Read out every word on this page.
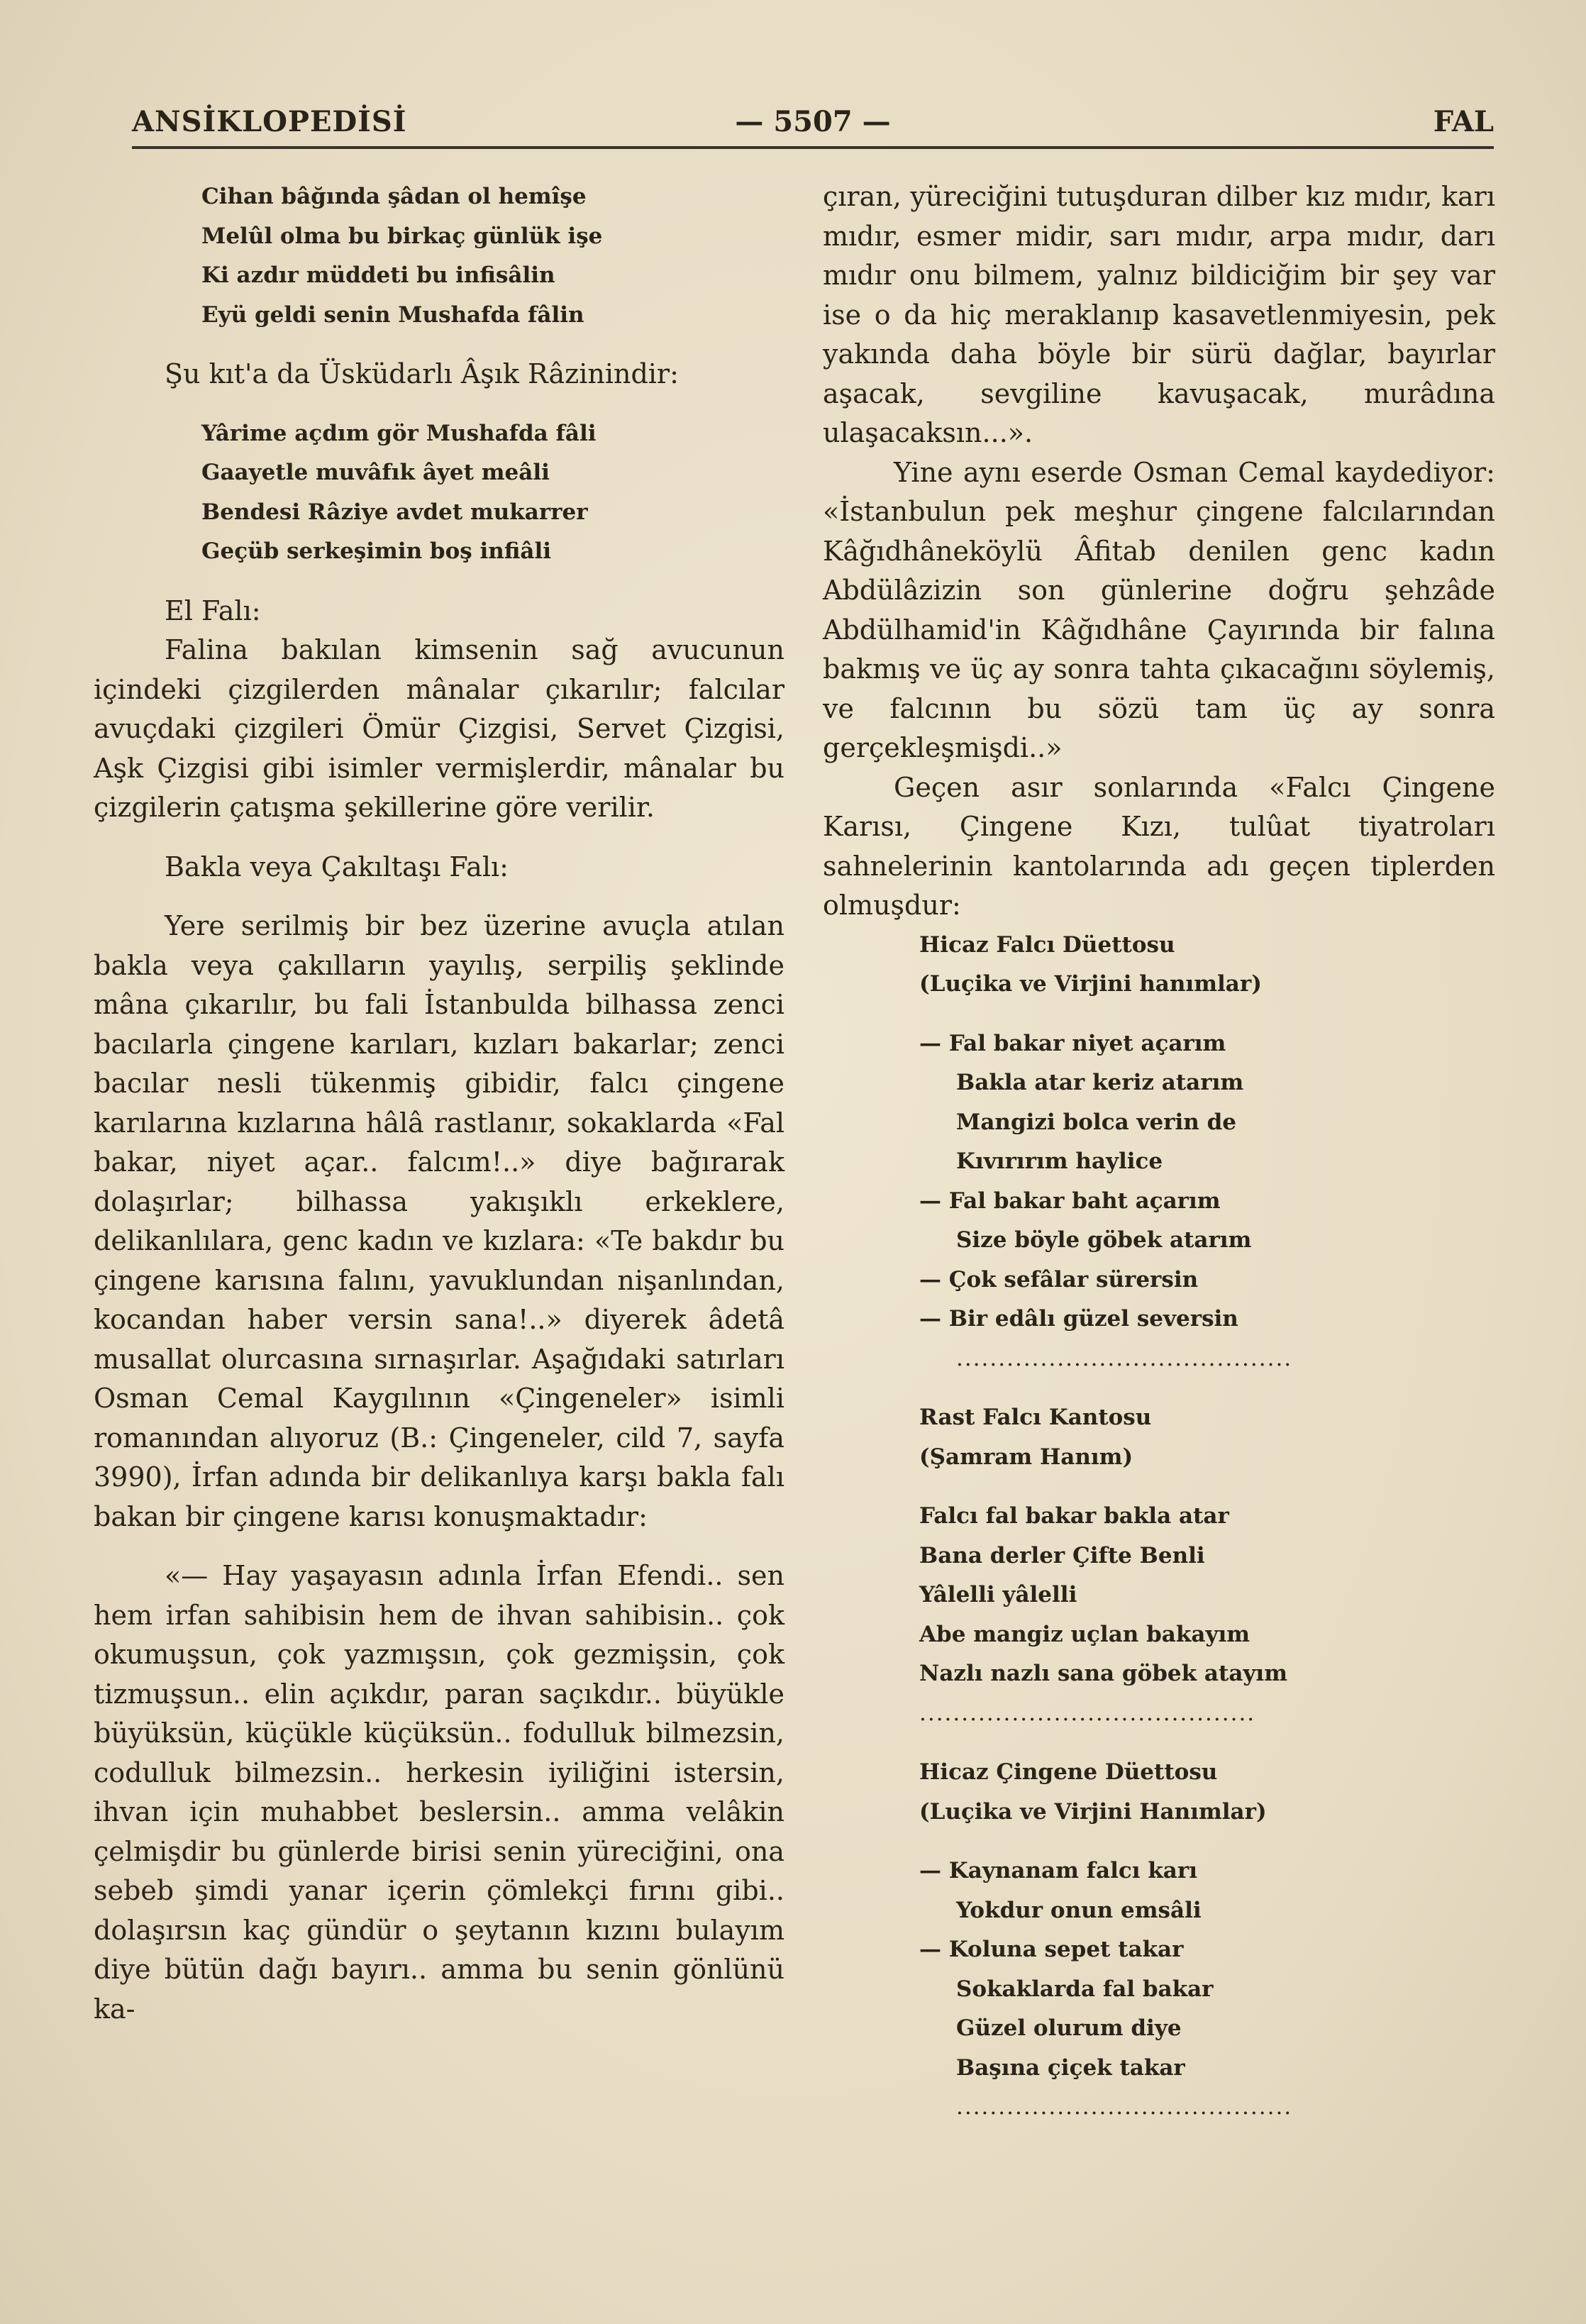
ANSİKLOPEDİSİ	— 5507 —	FAL
Cihan bâğında şâdan ol hemîşe
Melûl olma bu birkaç günlük işe
Ki azdır müddeti bu infisâlin
Eyü geldi senin Mushafda fâlin

Şu kıt'a da Üsküdarlı Âşık Râzinindir:

Yârime açdım gör Mushafda fâli
Gaayetle muvâfık âyet meâli
Bendesi Râziye avdet mukarrer
Geçüb serkeşimin boş infiâli

El Falı:

Falina bakılan kimsenin sağ avucunun içindeki çizgilerden mânalar çıkarılır; falcılar avuçdaki çizgileri Ömür Çizgisi, Servet Çizgisi, Aşk Çizgisi gibi isimler vermişlerdir, mânalar bu çizgilerin çatışma şekillerine göre verilir.

Bakla veya Çakıltaşı Falı:

Yere serilmiş bir bez üzerine avuçla atılan bakla veya çakılların yayılış, serpiliş şeklinde mâna çıkarılır, bu fali İstanbulda bilhassa zenci bacılarla çingene karıları, kızları bakarlar; zenci bacılar nesli tükenmiş gibidir, falcı çingene karılarına kızlarına hâlâ rastlanır, sokaklarda «Fal bakar, niyet açar.. falcım!..» diye bağırarak dolaşırlar; bilhassa yakışıklı erkeklere, delikanlılara, genc kadın ve kızlara: «Te bakdır bu çingene karısına falını, yavuklundan nişanlından, kocandan haber versin sana!..» diyerek âdetâ musallat olurcasına sırnaşırlar. Aşağıdaki satırları Osman Cemal Kaygılının «Çingeneler» isimli romanından alıyoruz (B.: Çingeneler, cild 7, sayfa 3990), İrfan adında bir delikanlıya karşı bakla falı bakan bir çingene karısı konuşmaktadır:

«— Hay yaşayasın adınla İrfan Efendi.. sen hem irfan sahibisin hem de ihvan sahibisin.. çok okumuşsun, çok yazmışsın, çok gezmişsin, çok tizmuşsun.. elin açıkdır, paran saçıkdır.. büyükle büyüksün, küçükle küçüksün.. fodulluk bilmezsin, codulluk bilmezsin.. herkesin iyiliğini istersin, ihvan için muhabbet beslersin.. amma velâkin çelmişdir bu günlerde birisi senin yüreciğini, ona sebeb şimdi yanar içerin çömlekçi fırını gibi.. dolaşırsın kaç gündür o şeytanın kızını bulayım diye bütün dağı bayırı.. amma bu senin gönlünü ka-

çıran, yüreciğini tutuşduran dilber kız mıdır, karı mıdır, esmer midir, sarı mıdır, arpa mıdır, darı mıdır onu bilmem, yalnız bildiciğim bir şey var ise o da hiç meraklanıp kasavetlenmiyesin, pek yakında daha böyle bir sürü dağlar, bayırlar aşacak, sevgiline kavuşacak, murâdına ulaşacaksın...».

Yine aynı eserde Osman Cemal kaydediyor: «İstanbulun pek meşhur çingene falcılarından Kâğıdhâneköylü Âfitab denilen genc kadın Abdülâzizin son günlerine doğru şehzâde Abdülhamid'in Kâğıdhâne Çayırında bir falına bakmış ve üç ay sonra tahta çıkacağını söylemiş, ve falcının bu sözü tam üç ay sonra gerçekleşmişdi..»

Geçen asır sonlarında «Falcı Çingene Karısı, Çingene Kızı, tulûat tiyatroları sahnelerinin kantolarında adı geçen tiplerden olmuşdur:

Hicaz Falcı Düettosu
(Luçika ve Virjini hanımlar)
— Fal bakar niyet açarım
Bakla atar keriz atarım
Mangizi bolca verin de
Kıvırırım haylice
— Fal bakar baht açarım
Size böyle göbek atarım
— Çok sefâlar sürersin
— Bir edâlı güzel seversin
........................................
Rast Falcı Kantosu
(Şamram Hanım)
Falcı fal bakar bakla atar
Bana derler Çifte Benli
Yâlelli yâlelli
Abe mangiz uçlan bakayım
Nazlı nazlı sana göbek atayım
........................................
Hicaz Çingene Düettosu
(Luçika ve Virjini Hanımlar)
— Kaynanam falcı karı
Yokdur onun emsâli
— Koluna sepet takar
Sokaklarda fal bakar
Güzel olurum diye
Başına çiçek takar
........................................
